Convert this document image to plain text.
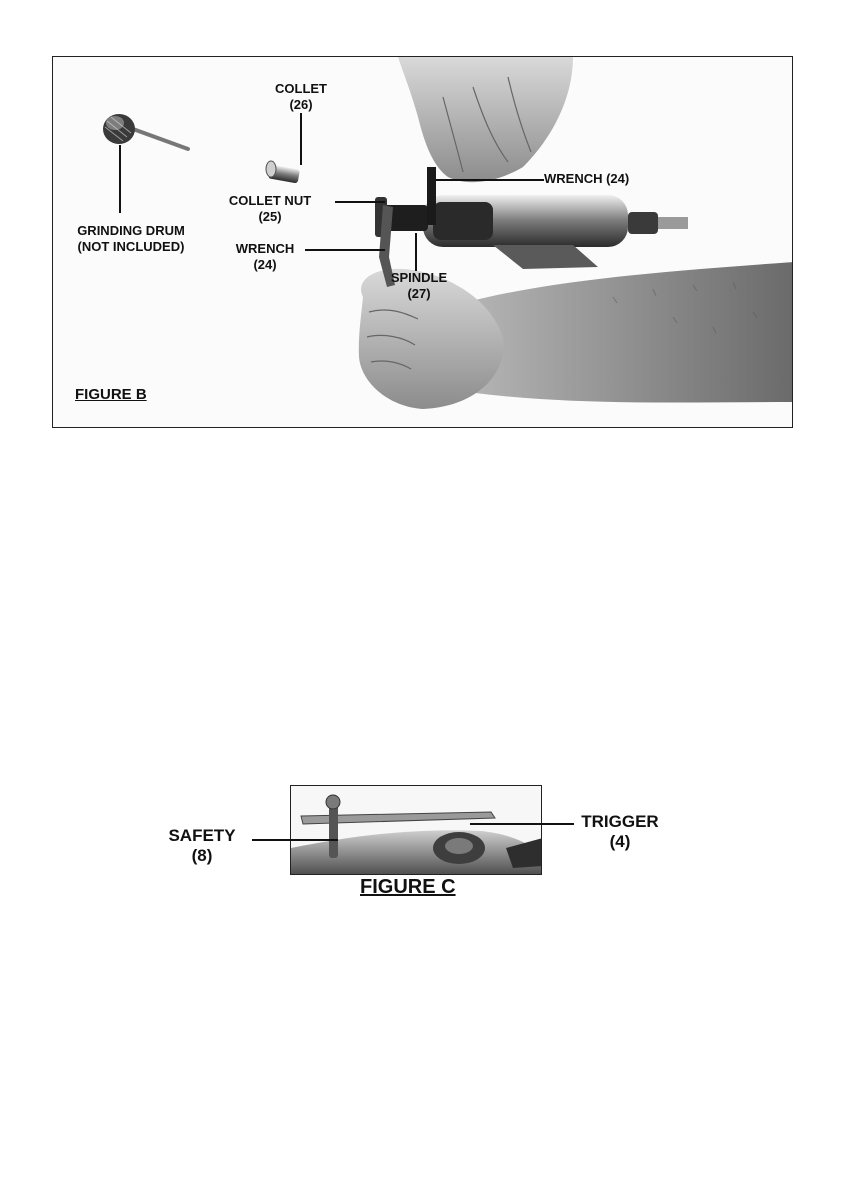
COLLET
(26)
GRINDING DRUM
(NOT INCLUDED)
COLLET NUT
(25)
WRENCH
(24)
WRENCH (24)
SPINDLE
(27)
FIGURE B
SAFETY
(8)
TRIGGER
(4)
FIGURE C
